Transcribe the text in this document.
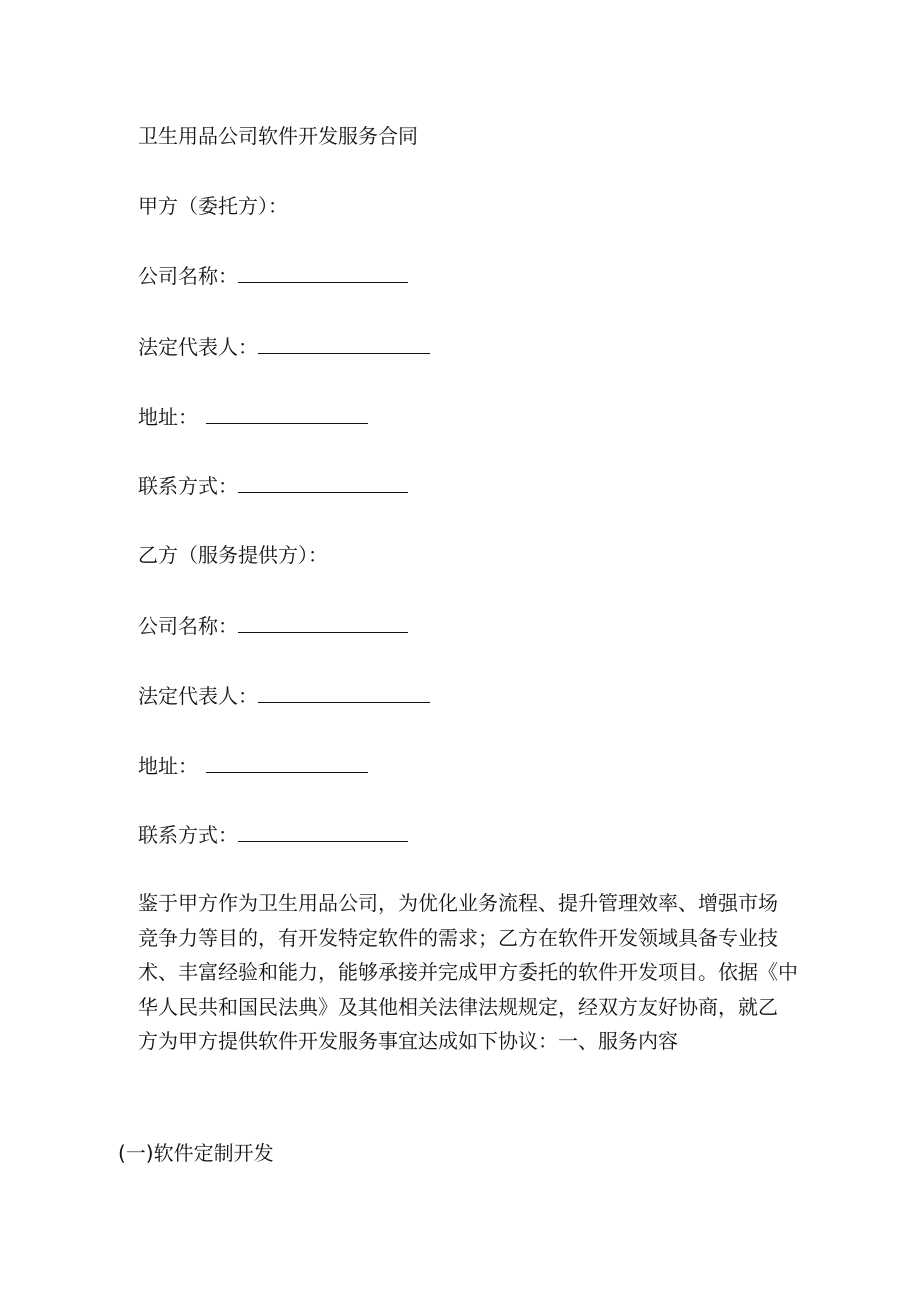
卫生用品公司软件开发服务合同
甲方（委托方）：
公司名称：
法定代表人：
地址：
联系方式：
乙方（服务提供方）：
公司名称：
法定代表人：
地址：
联系方式：
鉴于甲方作为卫生用品公司，为优化业务流程、提升管理效率、增强市场
竞争力等目的，有开发特定软件的需求；乙方在软件开发领域具备专业技
术、丰富经验和能力，能够承接并完成甲方委托的软件开发项目。依据《中
华人民共和国民法典》及其他相关法律法规规定，经双方友好协商，就乙
方为甲方提供软件开发服务事宜达成如下协议：一、服务内容
(一)软件定制开发
